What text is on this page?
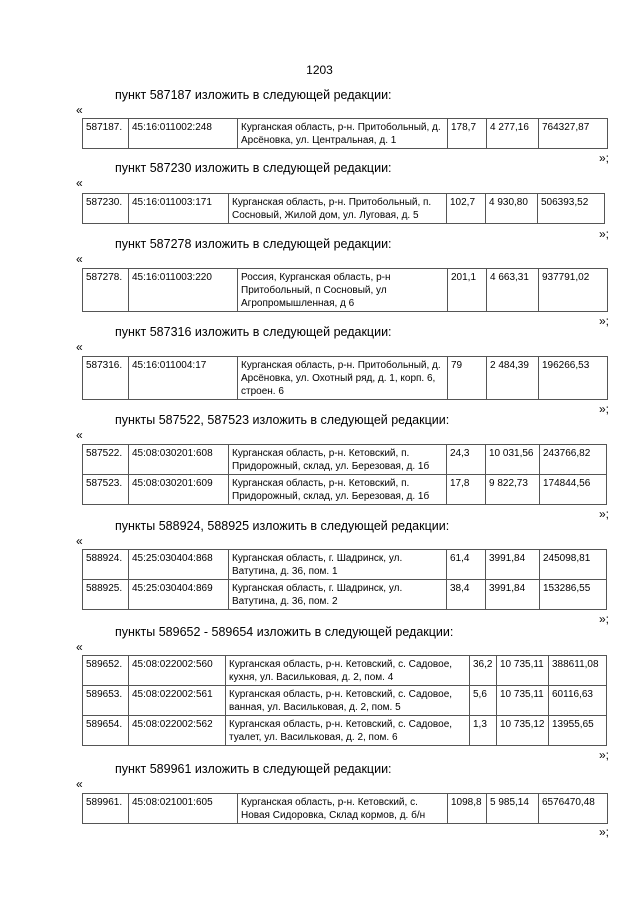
1203
пункт 587187 изложить в следующей редакции:
«
587187.	45:16:011002:248	Курганская область, р-н. Притобольный, д. Арсёновка, ул. Центральная, д. 1	178,7	4 277,16	764327,87
»;
пункт 587230 изложить в следующей редакции:
«
587230.	45:16:011003:171	Курганская область, р-н. Притобольный, п. Сосновый, Жилой дом, ул. Луговая, д. 5	102,7	4 930,80	506393,52
»;
пункт 587278 изложить в следующей редакции:
«
587278.	45:16:011003:220	Россия, Курганская область, р-н Притобольный, п Сосновый, ул Агропромышленная, д 6	201,1	4 663,31	937791,02
»;
пункт 587316 изложить в следующей редакции:
«
587316.	45:16:011004:17	Курганская область, р-н. Притобольный, д. Арсёновка, ул. Охотный ряд, д. 1, корп. 6, строен. 6	79	2 484,39	196266,53
»;
пункты 587522, 587523 изложить в следующей редакции:
«
587522.	45:08:030201:608	Курганская область, р-н. Кетовский, п. Придорожный, склад, ул. Березовая, д. 1б	24,3	10 031,56	243766,82
587523.	45:08:030201:609	Курганская область, р-н. Кетовский, п. Придорожный, склад, ул. Березовая, д. 1б	17,8	9 822,73	174844,56
»;
пункты 588924, 588925 изложить в следующей редакции:
«
588924.	45:25:030404:868	Курганская область, г. Шадринск, ул. Ватутина, д. 36, пом. 1	61,4	3991,84	245098,81
588925.	45:25:030404:869	Курганская область, г. Шадринск, ул. Ватутина, д. 36, пом. 2	38,4	3991,84	153286,55
»;
пункты 589652 - 589654 изложить в следующей редакции:
«
589652.	45:08:022002:560	Курганская область, р-н. Кетовский, с. Садовое, кухня, ул. Васильковая, д. 2, пом. 4	36,2	10 735,11	388611,08
589653.	45:08:022002:561	Курганская область, р-н. Кетовский, с. Садовое, ванная, ул. Васильковая, д. 2, пом. 5	5,6	10 735,11	60116,63
589654.	45:08:022002:562	Курганская область, р-н. Кетовский, с. Садовое, туалет, ул. Васильковая, д. 2, пом. 6	1,3	10 735,12	13955,65
»;
пункт 589961 изложить в следующей редакции:
«
589961.	45:08:021001:605	Курганская область, р-н. Кетовский, с. Новая Сидоровка, Склад кормов, д. б/н	1098,8	5 985,14	6576470,48
»;
